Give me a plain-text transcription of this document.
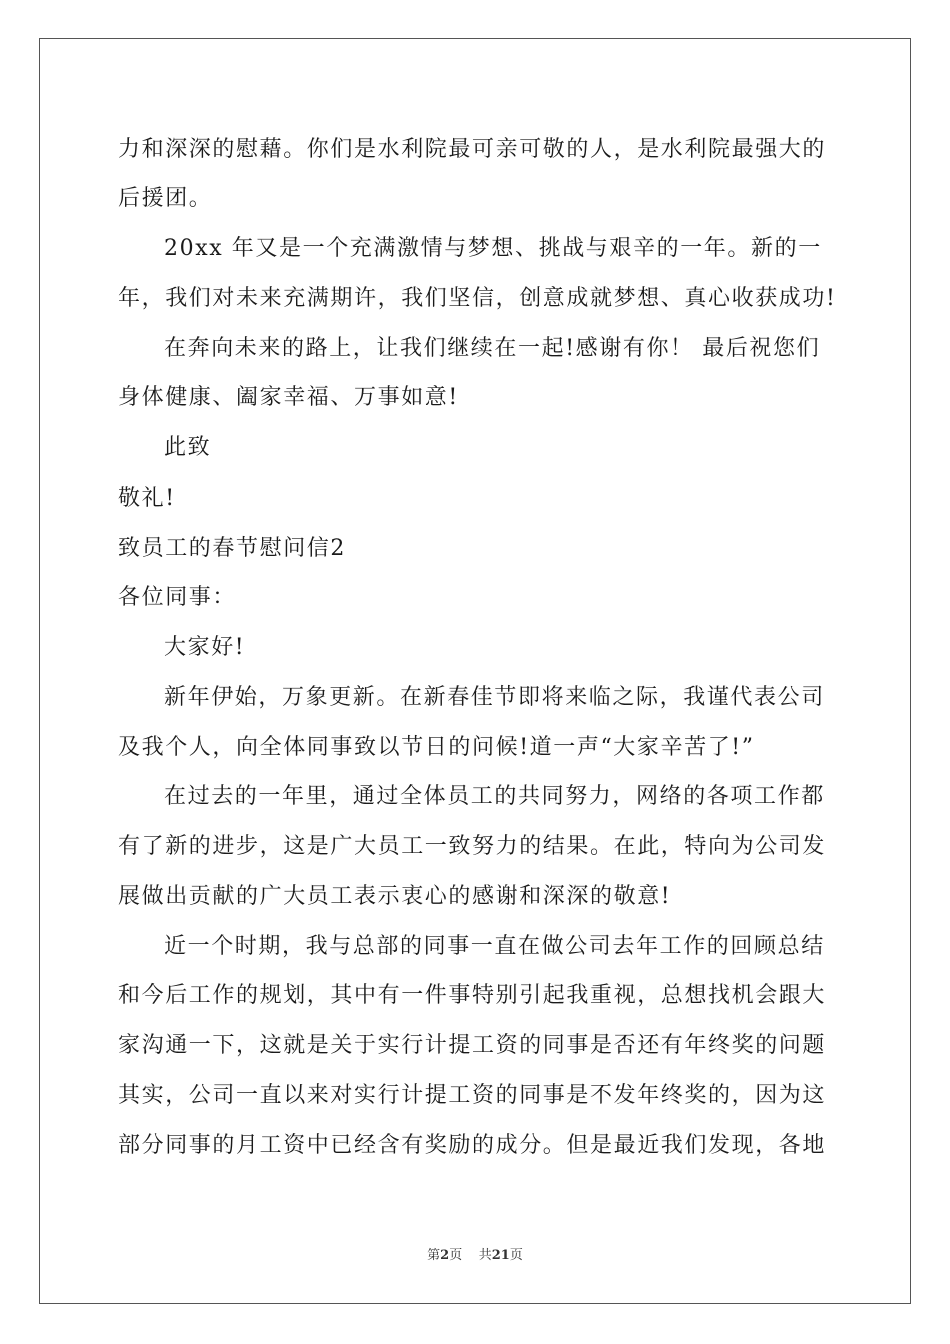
力和深深的慰藉。你们是水利院最可亲可敬的人，是水利院最强大的
后援团。
20xx 年又是一个充满激情与梦想、挑战与艰辛的一年。新的一
年，我们对未来充满期许，我们坚信，创意成就梦想、真心收获成功!
在奔向未来的路上，让我们继续在一起!感谢有你！ 最后祝您们
身体健康、阖家幸福、万事如意!
此致
敬礼!
致员工的春节慰问信2
各位同事：
大家好!
新年伊始，万象更新。在新春佳节即将来临之际，我谨代表公司
及我个人，向全体同事致以节日的问候!道一声“大家辛苦了!”
在过去的一年里，通过全体员工的共同努力，网络的各项工作都
有了新的进步，这是广大员工一致努力的结果。在此，特向为公司发
展做出贡献的广大员工表示衷心的感谢和深深的敬意!
近一个时期，我与总部的同事一直在做公司去年工作的回顾总结
和今后工作的规划，其中有一件事特别引起我重视，总想找机会跟大
家沟通一下，这就是关于实行计提工资的同事是否还有年终奖的问题
其实，公司一直以来对实行计提工资的同事是不发年终奖的，因为这
部分同事的月工资中已经含有奖励的成分。但是最近我们发现，各地
第2页    共21页
